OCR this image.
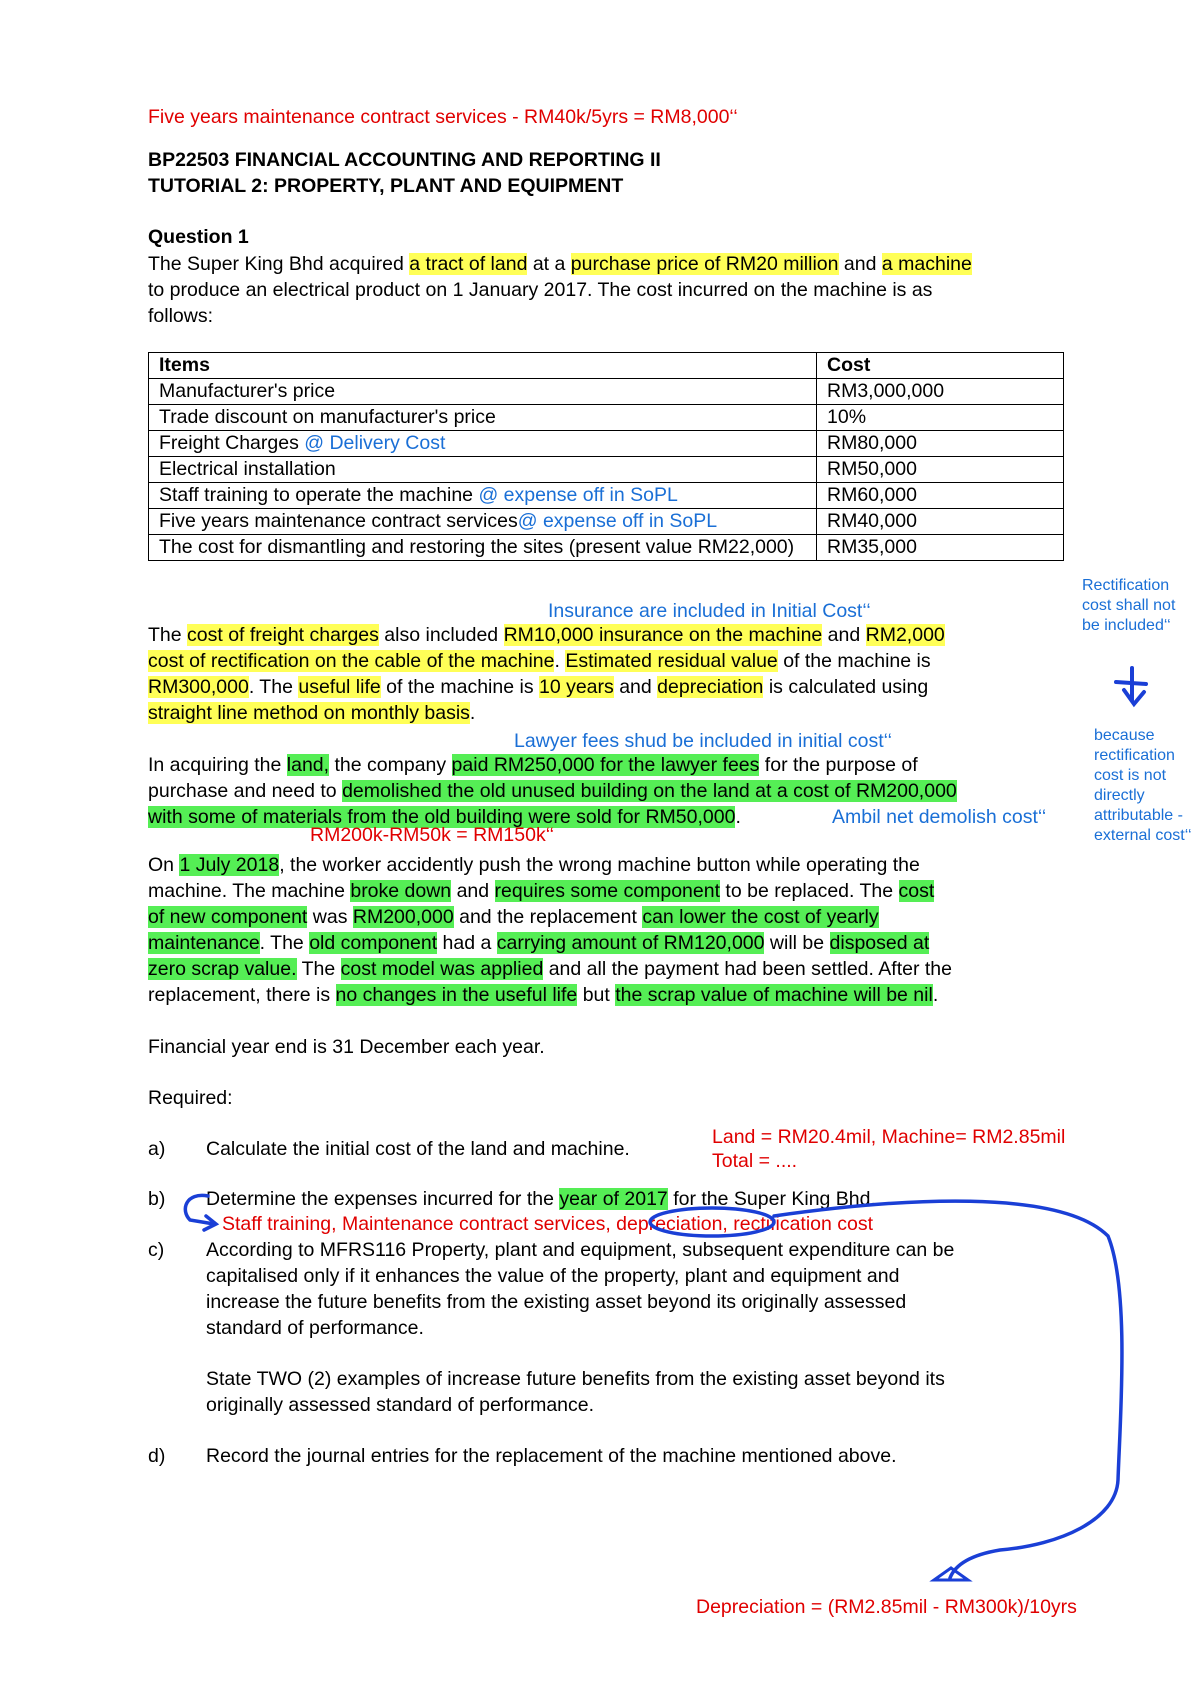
Five years maintenance contract services - RM40k/5yrs = RM8,000‘‘
BP22503 FINANCIAL ACCOUNTING AND REPORTING II
TUTORIAL 2: PROPERTY, PLANT AND EQUIPMENT
Question 1
The Super King Bhd acquired a tract of land at a purchase price of RM20 million and a machine
to produce an electrical product on 1 January 2017. The cost incurred on the machine is as
follows:
Items	Cost
Manufacturer's price	RM3,000,000
Trade discount on manufacturer's price	10%
Freight Charges @ Delivery Cost	RM80,000
Electrical installation	RM50,000
Staff training to operate the machine @ expense off in SoPL	RM60,000
Five years maintenance contract services@ expense off in SoPL	RM40,000
The cost for dismantling and restoring the sites (present value RM22,000)	RM35,000
Rectification cost shall not be included‘‘
because rectification cost is not directly attributable - external cost‘‘
Insurance are included in Initial Cost‘‘
The cost of freight charges also included RM10,000 insurance on the machine and RM2,000
cost of rectification on the cable of the machine. Estimated residual value of the machine is
RM300,000. The useful life of the machine is 10 years and depreciation is calculated using
straight line method on monthly basis.
Lawyer fees shud be included in initial cost‘‘
In acquiring the land, the company paid RM250,000 for the lawyer fees for the purpose of
purchase and need to demolished the old unused building on the land at a cost of RM200,000
with some of materials from the old building were sold for RM50,000.	Ambil net demolish cost‘‘
RM200k-RM50k = RM150k‘‘
On 1 July 2018, the worker accidently push the wrong machine button while operating the
machine. The machine broke down and requires some component to be replaced. The cost
of new component was RM200,000 and the replacement can lower the cost of yearly
maintenance. The old component had a carrying amount of RM120,000 will be disposed at
zero scrap value. The cost model was applied and all the payment had been settled. After the
replacement, there is no changes in the useful life but the scrap value of machine will be nil.
Financial year end is 31 December each year.
Required:
a) Calculate the initial cost of the land and machine.
Land = RM20.4mil, Machine= RM2.85mil
Total = ....
b) Determine the expenses incurred for the year of 2017 for the Super King Bhd.
Staff training, Maintenance contract services, depreciation, rectification cost
c) According to MFRS116 Property, plant and equipment, subsequent expenditure can be
capitalised only if it enhances the value of the property, plant and equipment and
increase the future benefits from the existing asset beyond its originally assessed
standard of performance.
State TWO (2) examples of increase future benefits from the existing asset beyond its
originally assessed standard of performance.
d) Record the journal entries for the replacement of the machine mentioned above.
Depreciation = (RM2.85mil - RM300k)/10yrs
